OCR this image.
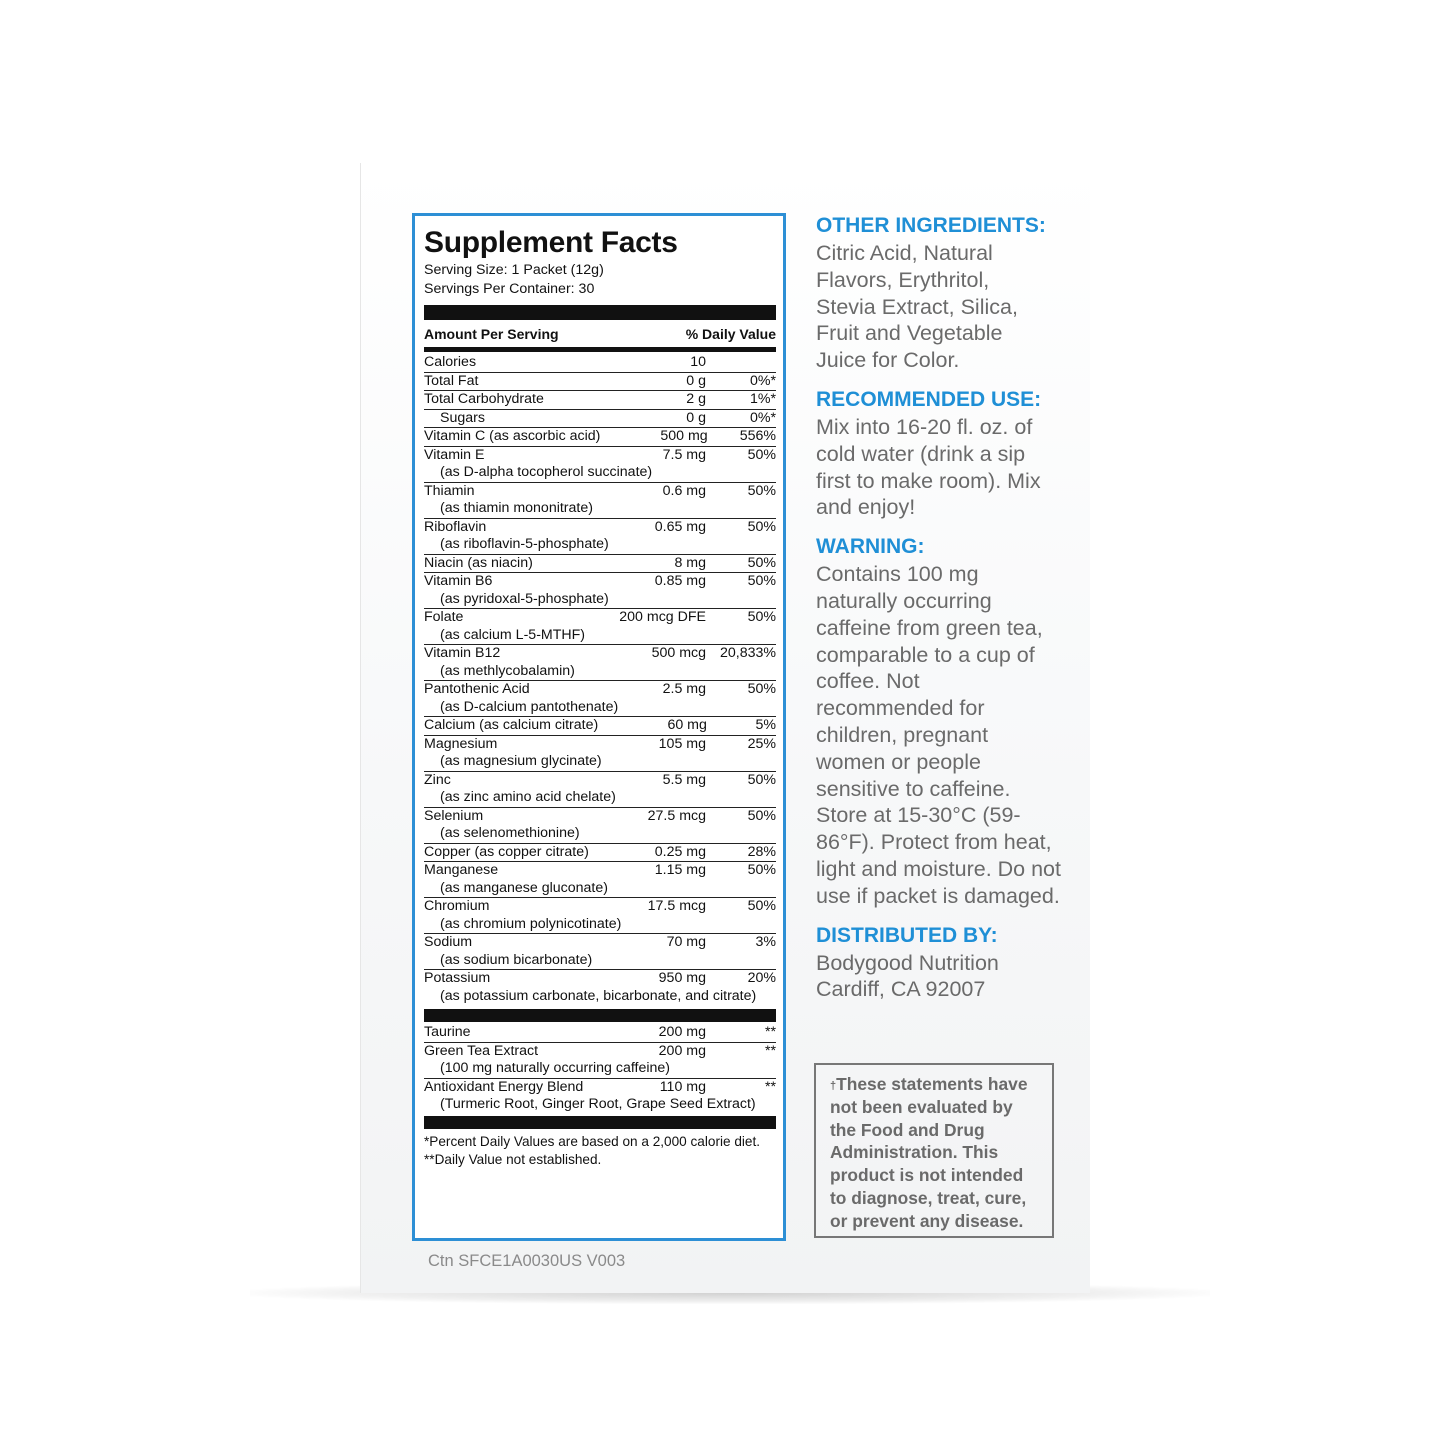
Supplement Facts
Serving Size: 1 Packet (12g)
Servings Per Container: 30
Amount Per Serving	% Daily Value
Calories	10
Total Fat	0 g	0%*
Total Carbohydrate	2 g	1%*
Sugars	0 g	0%*
Vitamin C (as ascorbic acid)	500 mg	556%
Vitamin E	7.5 mg	50%
(as D-alpha tocopherol succinate)
Thiamin	0.6 mg	50%
(as thiamin mononitrate)
Riboflavin	0.65 mg	50%
(as riboflavin-5-phosphate)
Niacin (as niacin)	8 mg	50%
Vitamin B6	0.85 mg	50%
(as pyridoxal-5-phosphate)
Folate	200 mcg DFE	50%
(as calcium L-5-MTHF)
Vitamin B12	500 mcg 20,833%
(as methlycobalamin)
Pantothenic Acid	2.5 mg	50%
(as D-calcium pantothenate)
Calcium (as calcium citrate)	60 mg	5%
Magnesium	105 mg	25%
(as magnesium glycinate)
Zinc	5.5 mg	50%
(as zinc amino acid chelate)
Selenium	27.5 mcg	50%
(as selenomethionine)
Copper (as copper citrate)	0.25 mg	28%
Manganese	1.15 mg	50%
(as manganese gluconate)
Chromium	17.5 mcg	50%
(as chromium polynicotinate)
Sodium	70 mg	3%
(as sodium bicarbonate)
Potassium	950 mg	20%
(as potassium carbonate, bicarbonate, and citrate)
Taurine	200 mg	**
Green Tea Extract	200 mg	**
(100 mg naturally occurring caffeine)
Antioxidant Energy Blend	110 mg	**
(Turmeric Root, Ginger Root, Grape Seed Extract)
*Percent Daily Values are based on a 2,000 calorie diet.
**Daily Value not established.
OTHER INGREDIENTS:
Citric Acid, Natural Flavors, Erythritol, Stevia Extract, Silica, Fruit and Vegetable Juice for Color.
RECOMMENDED USE:
Mix into 16-20 fl. oz. of cold water (drink a sip first to make room). Mix and enjoy!
WARNING:
Contains 100 mg naturally occurring caffeine from green tea, comparable to a cup of coffee. Not recommended for children, pregnant women or people sensitive to caffeine. Store at 15-30°C (59-86°F). Protect from heat, light and moisture. Do not use if packet is damaged.
DISTRIBUTED BY:
Bodygood Nutrition
Cardiff, CA 92007
†These statements have not been evaluated by the Food and Drug Administration. This product is not intended to diagnose, treat, cure, or prevent any disease.
Ctn SFCE1A0030US V003
